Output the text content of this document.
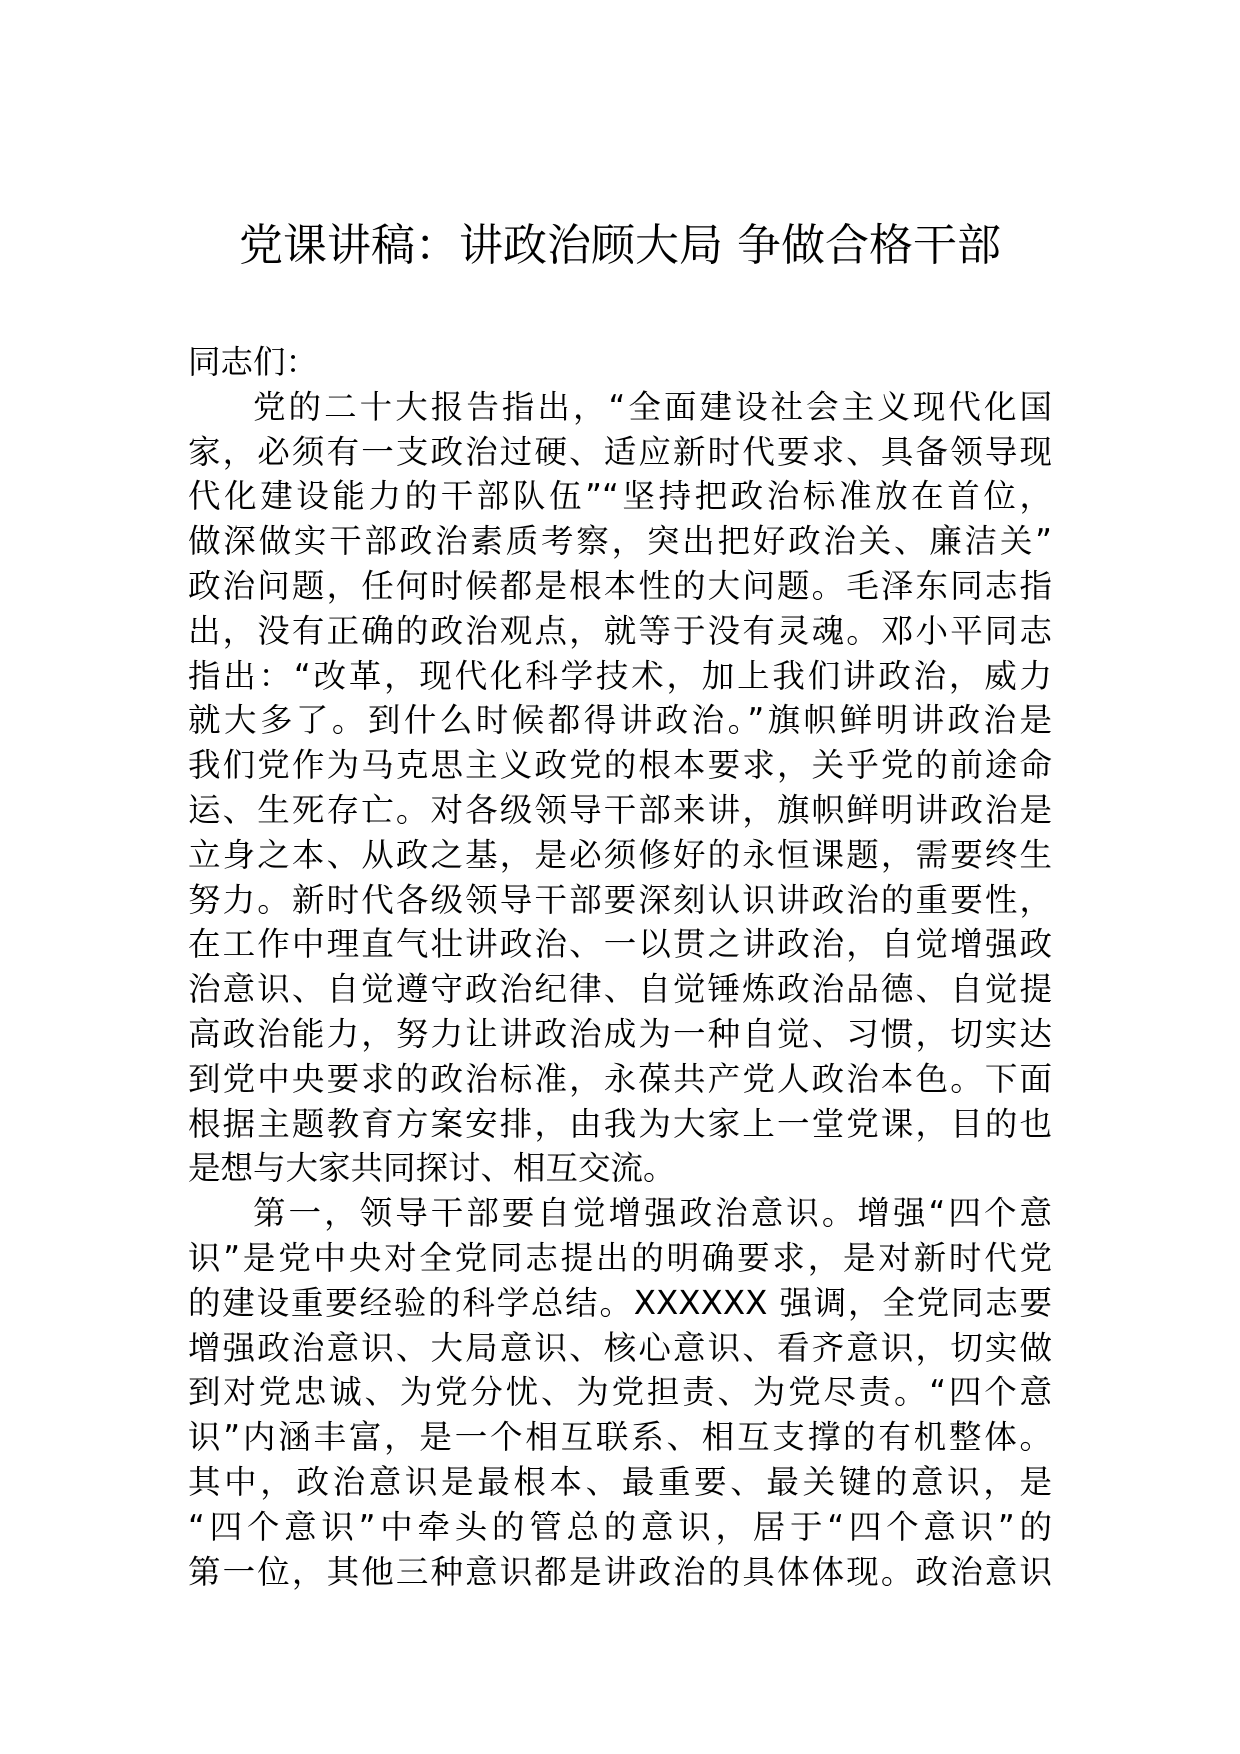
党课讲稿：讲政治顾大局 争做合格干部
同志们：
党的二十大报告指出，“全面建设社会主义现代化国
家，必须有一支政治过硬、适应新时代要求、具备领导现
代化建设能力的干部队伍”“坚持把政治标准放在首位，
做深做实干部政治素质考察，突出把好政治关、廉洁关”
政治问题，任何时候都是根本性的大问题。毛泽东同志指
出，没有正确的政治观点，就等于没有灵魂。邓小平同志
指出：“改革，现代化科学技术，加上我们讲政治，威力
就大多了。到什么时候都得讲政治。”旗帜鲜明讲政治是
我们党作为马克思主义政党的根本要求，关乎党的前途命
运、生死存亡。对各级领导干部来讲，旗帜鲜明讲政治是
立身之本、从政之基，是必须修好的永恒课题，需要终生
努力。新时代各级领导干部要深刻认识讲政治的重要性，
在工作中理直气壮讲政治、一以贯之讲政治，自觉增强政
治意识、自觉遵守政治纪律、自觉锤炼政治品德、自觉提
高政治能力，努力让讲政治成为一种自觉、习惯，切实达
到党中央要求的政治标准，永葆共产党人政治本色。下面
根据主题教育方案安排，由我为大家上一堂党课，目的也
是想与大家共同探讨、相互交流。
第一，领导干部要自觉增强政治意识。增强“四个意
识”是党中央对全党同志提出的明确要求，是对新时代党
的建设重要经验的科学总结。XXXXXX 强调，全党同志要
增强政治意识、大局意识、核心意识、看齐意识，切实做
到对党忠诚、为党分忧、为党担责、为党尽责。“四个意
识”内涵丰富，是一个相互联系、相互支撑的有机整体。
其中，政治意识是最根本、最重要、最关键的意识，是
“四个意识”中牵头的管总的意识，居于“四个意识”的
第一位，其他三种意识都是讲政治的具体体现。政治意识
